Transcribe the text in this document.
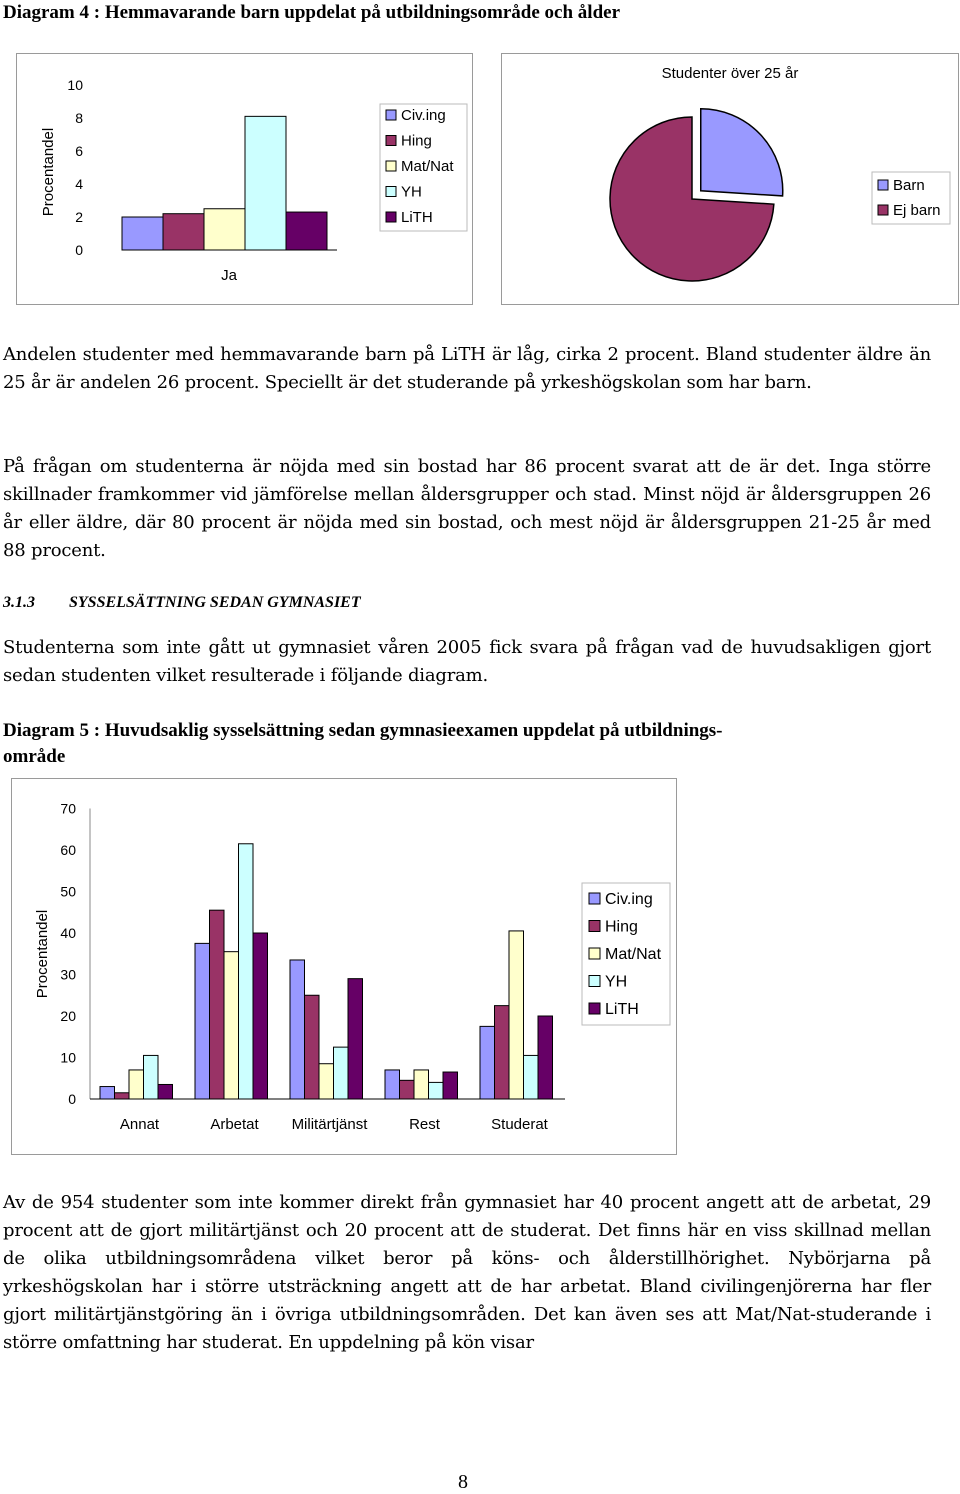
Diagram 4 : Hemmavarande barn uppdelat på utbildningsområde och ålder
0
2
4
6
8
10
Procentandel
Ja
Civ.ing
Hing
Mat/Nat
YH
LiTH
Studenter över 25 år
Barn
Ej barn
Andelen studenter med hemmavarande barn på LiTH är låg, cirka 2 procent. Bland studenter äldre än 25 år är andelen 26 procent. Speciellt är det studerande på yrkeshögskolan som har barn.
På frågan om studenterna är nöjda med sin bostad har 86 procent svarat att de är det. Inga större skillnader framkommer vid jämförelse mellan åldersgrupper och stad. Minst nöjd är åldersgruppen 26 år eller äldre, där 80 procent är nöjda med sin bostad, och mest nöjd är åldersgruppen 21-25 år med 88 procent.
3.1.3 SYSSELSÄTTNING SEDAN GYMNASIET
Studenterna som inte gått ut gymnasiet våren 2005 fick svara på frågan vad de huvudsakligen gjort sedan studenten vilket resulterade i följande diagram.
Diagram 5 : Huvudsaklig sysselsättning sedan gymnasieexamen uppdelat på utbildnings-
område
0
10
20
30
40
50
60
70
Procentandel
Annat	Arbetat Militärtjänst	Rest	Studerat
Civ.ing
Hing
Mat/Nat
YH
LiTH
Av de 954 studenter som inte kommer direkt från gymnasiet har 40 procent angett att de arbetat, 29 procent att de gjort militärtjänst och 20 procent att de studerat. Det finns här en viss skillnad mellan de olika utbildningsområdena vilket beror på köns- och ålderstillhörighet. Nybörjarna på yrkeshögskolan har i större utsträckning angett att de har arbetat. Bland civilingenjörerna har fler gjort militärtjänstgöring än i övriga utbildningsområden. Det kan även ses att Mat/Nat-studerande i större omfattning har studerat. En uppdelning på kön visar
8
